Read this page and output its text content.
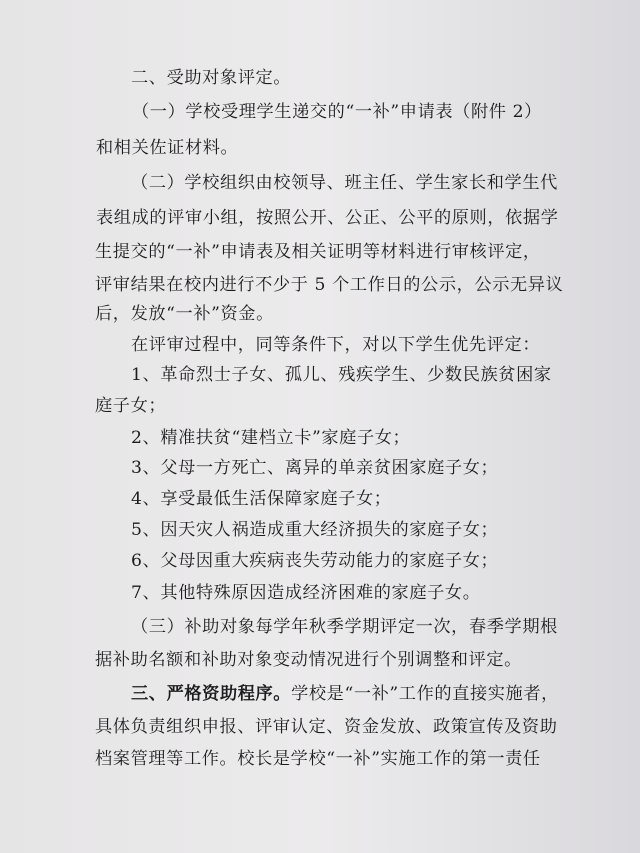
二、受助对象评定。
（一）学校受理学生递交的“一补”申请表（附件 2）
和相关佐证材料。
（二）学校组织由校领导、班主任、学生家长和学生代
表组成的评审小组，按照公开、公正、公平的原则，依据学
生提交的“一补”申请表及相关证明等材料进行审核评定，
评审结果在校内进行不少于 5 个工作日的公示，公示无异议
后，发放“一补”资金。
在评审过程中，同等条件下，对以下学生优先评定：
1、革命烈士子女、孤儿、残疾学生、少数民族贫困家
庭子女；
2、精准扶贫“建档立卡”家庭子女；
3、父母一方死亡、离异的单亲贫困家庭子女；
4、享受最低生活保障家庭子女；
5、因天灾人祸造成重大经济损失的家庭子女；
6、父母因重大疾病丧失劳动能力的家庭子女；
7、其他特殊原因造成经济困难的家庭子女。
（三）补助对象每学年秋季学期评定一次，春季学期根
据补助名额和补助对象变动情况进行个别调整和评定。
三、严格资助程序。学校是“一补”工作的直接实施者，
具体负责组织申报、评审认定、资金发放、政策宣传及资助
档案管理等工作。校长是学校“一补”实施工作的第一责任
